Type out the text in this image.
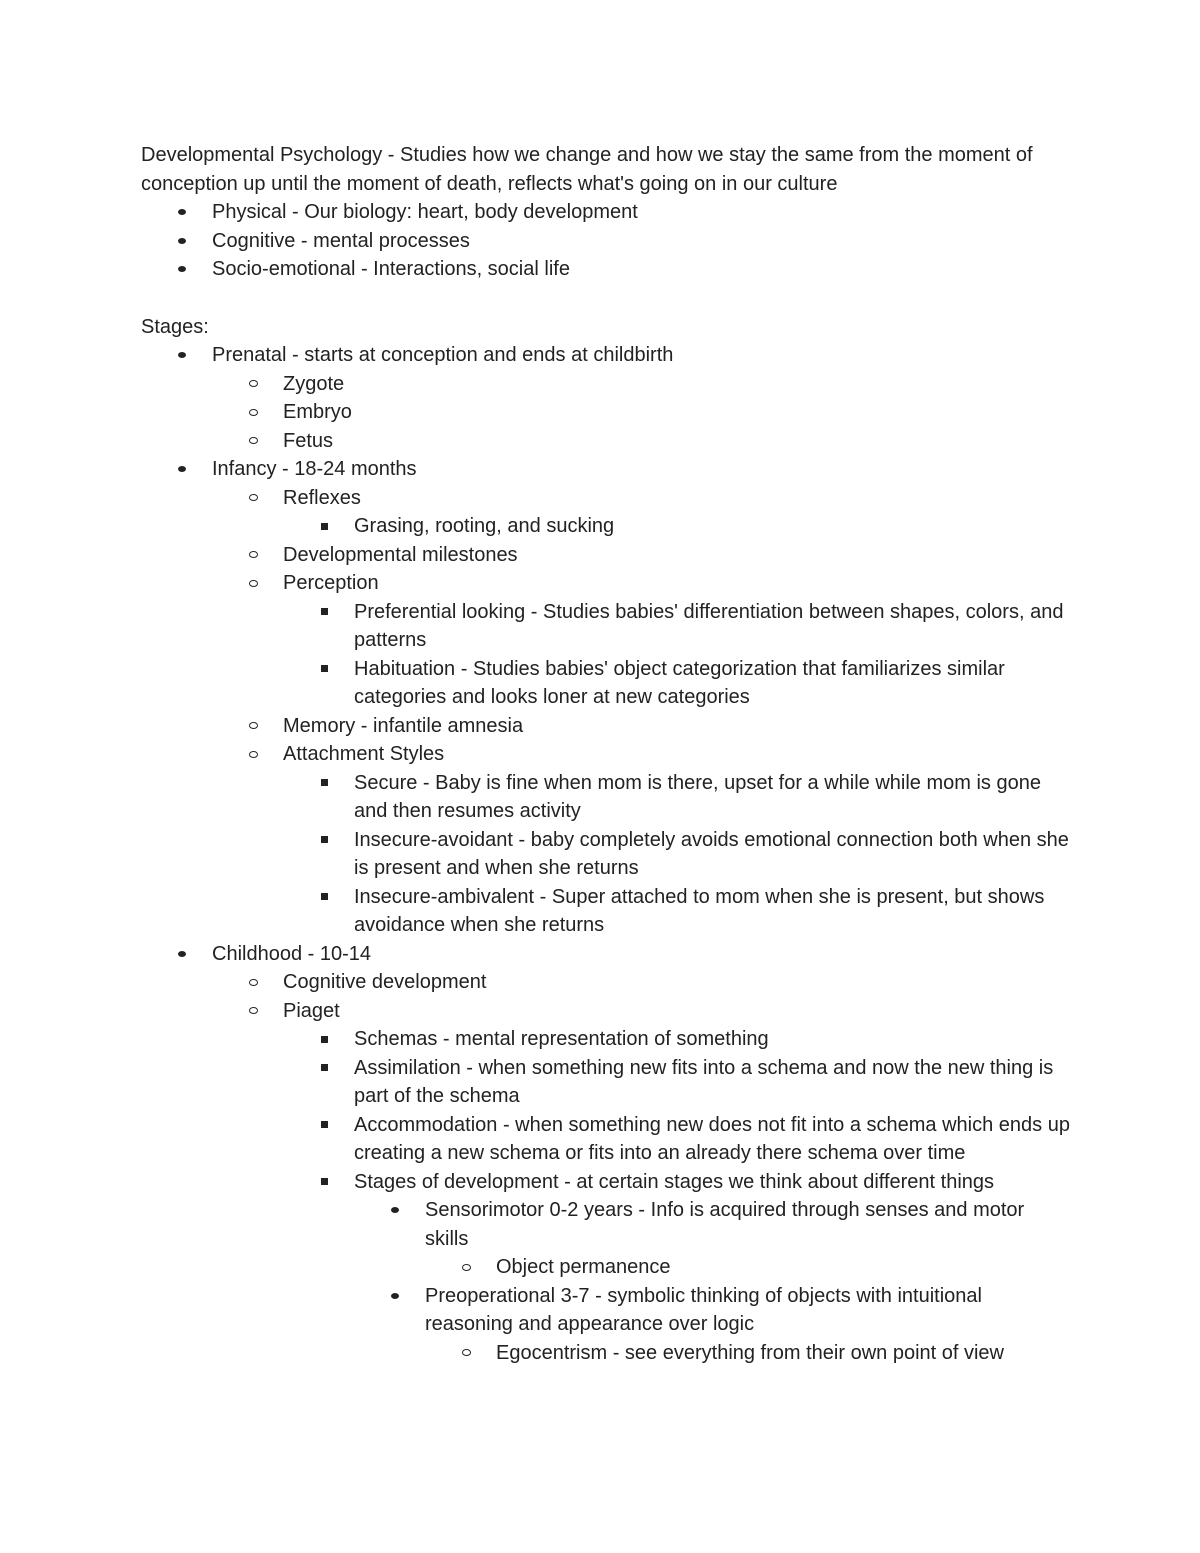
Developmental Psychology - Studies how we change and how we stay the same from the moment of conception up until the moment of death, reflects what's going on in our culture

Physical - Our biology: heart, body development
Cognitive - mental processes
Socio-emotional - Interactions, social life

Stages:

Prenatal - starts at conception and ends at childbirth
Zygote
Embryo
Fetus
Infancy - 18-24 months
Reflexes
Grasing, rooting, and sucking
Developmental milestones
Perception
Preferential looking - Studies babies' differentiation between shapes, colors, and patterns
Habituation - Studies babies' object categorization that familiarizes similar categories and looks loner at new categories
Memory - infantile amnesia
Attachment Styles
Secure - Baby is fine when mom is there, upset for a while while mom is gone and then resumes activity
Insecure-avoidant - baby completely avoids emotional connection both when she is present and when she returns
Insecure-ambivalent - Super attached to mom when she is present, but shows avoidance when she returns
Childhood - 10-14
Cognitive development
Piaget
Schemas - mental representation of something
Assimilation - when something new fits into a schema and now the new thing is part of the schema
Accommodation - when something new does not fit into a schema which ends up creating a new schema or fits into an already there schema over time
Stages of development - at certain stages we think about different things
Sensorimotor 0-2 years - Info is acquired through senses and motor skills
Object permanence
Preoperational 3-7 - symbolic thinking of objects with intuitional reasoning and appearance over logic
Egocentrism - see everything from their own point of view
